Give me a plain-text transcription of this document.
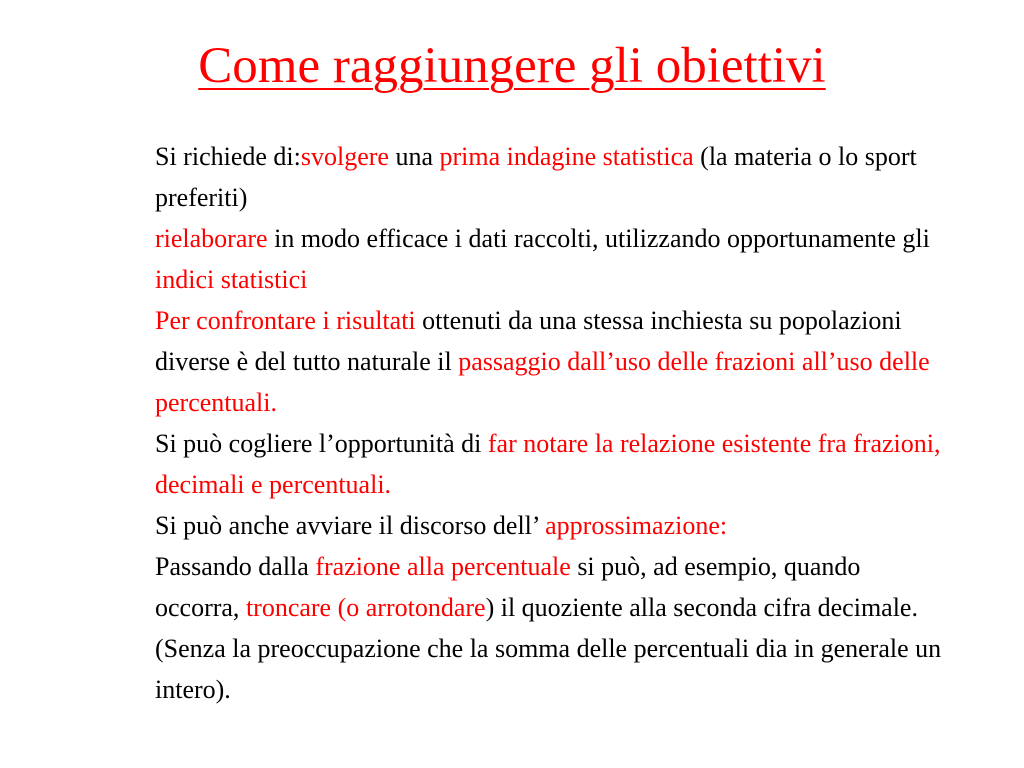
Come raggiungere gli obiettivi

Si richiede di:svolgere una prima indagine statistica (la materia o lo sport preferiti)

rielaborare in modo efficace i dati raccolti, utilizzando opportunamente gli indici statistici

Per confrontare i risultati ottenuti da una stessa inchiesta su popolazioni diverse è del tutto naturale il passaggio dall’uso delle frazioni all’uso delle percentuali.

Si può cogliere l’opportunità di far notare la relazione esistente fra frazioni, decimali e percentuali.

Si può anche avviare il discorso dell’ approssimazione:

Passando dalla frazione alla percentuale si può, ad esempio, quando occorra, troncare (o arrotondare) il quoziente alla seconda cifra decimale. (Senza la preoccupazione che la somma delle percentuali dia in generale un intero).
